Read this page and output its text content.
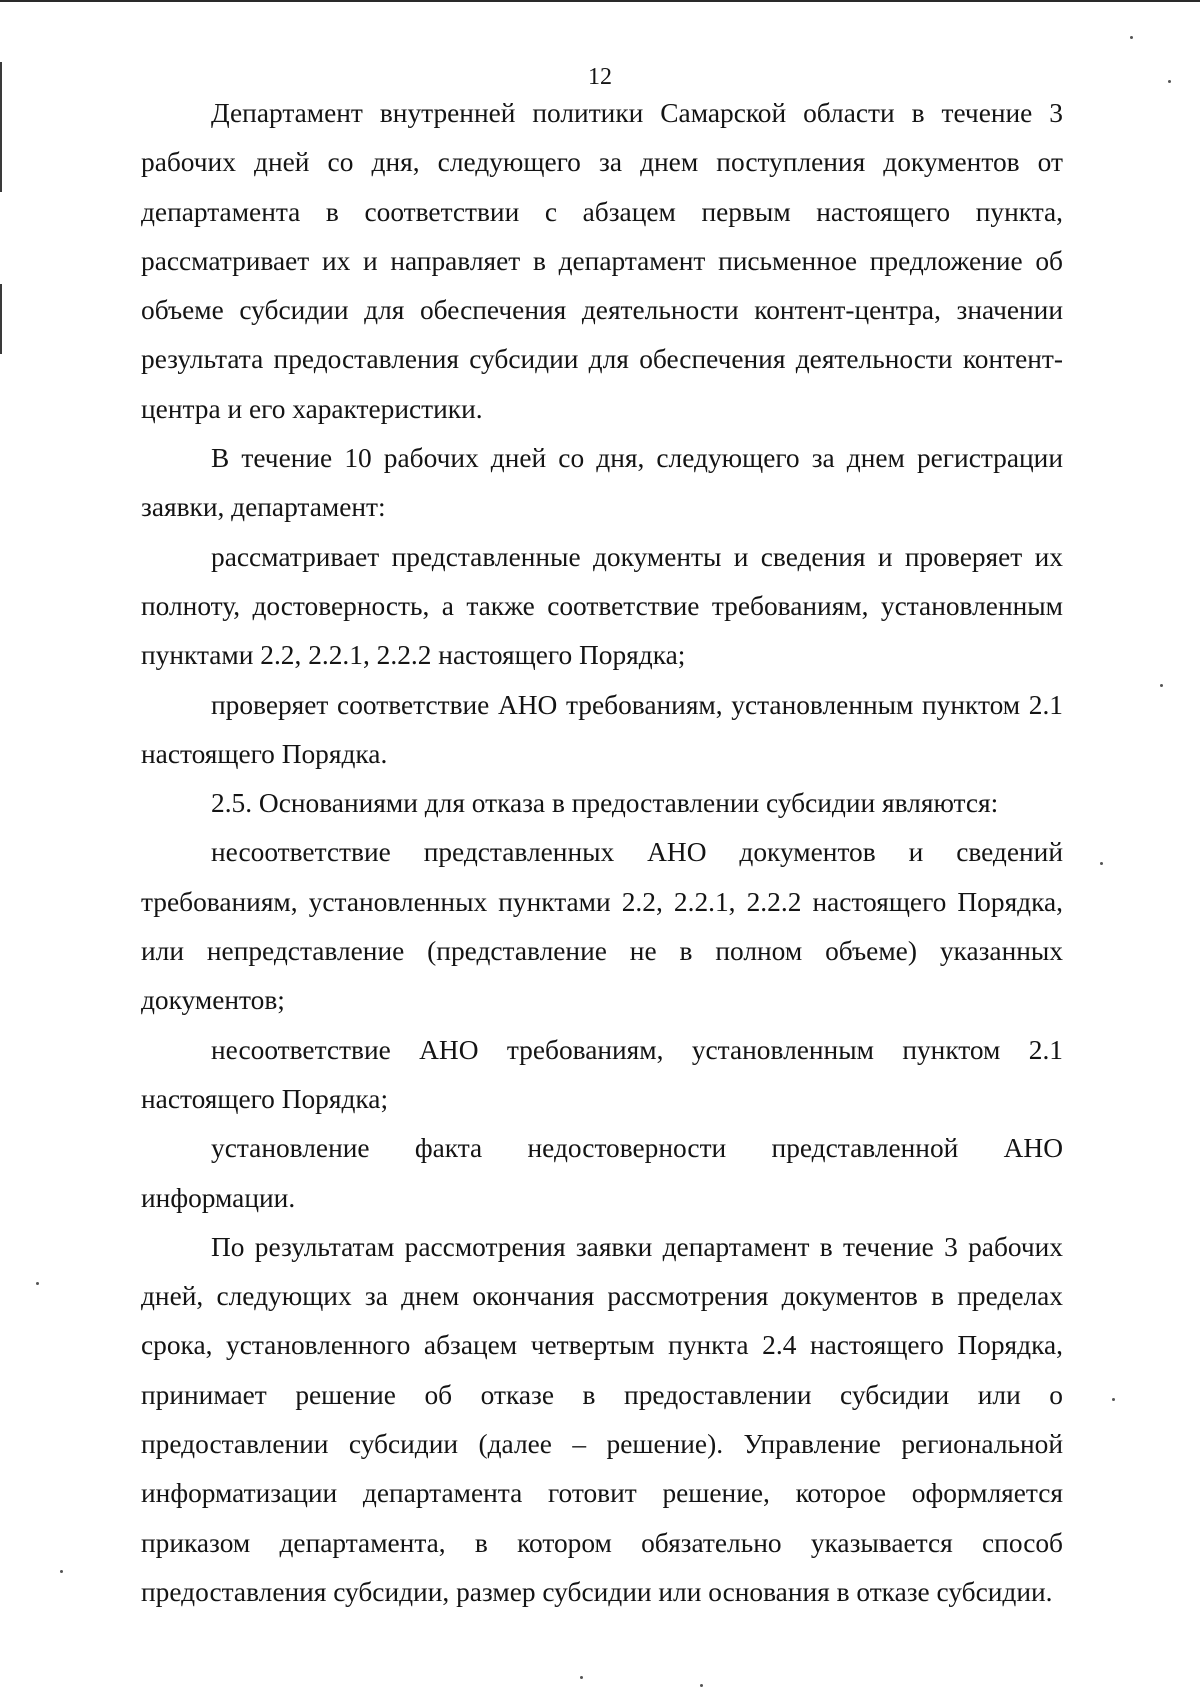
12

Департамент внутренней политики Самарской области в течение 3 рабочих дней со дня, следующего за днем поступления документов от департамента в соответствии с абзацем первым настоящего пункта, рассматривает их и направляет в департамент письменное предложение об объеме субсидии для обеспечения деятельности контент-центра, значении результата предоставления субсидии для обеспечения деятельности контент-центра и его характеристики.

В течение 10 рабочих дней со дня, следующего за днем регистрации заявки, департамент:

рассматривает представленные документы и сведения и проверяет их полноту, достоверность, а также соответствие требованиям, установленным пунктами 2.2, 2.2.1, 2.2.2 настоящего Порядка;

проверяет соответствие АНО требованиям, установленным пунктом 2.1 настоящего Порядка.

2.5. Основаниями для отказа в предоставлении субсидии являются:

несоответствие представленных АНО документов и сведений требованиям, установленных пунктами 2.2, 2.2.1, 2.2.2 настоящего Порядка, или непредставление (представление не в полном объеме) указанных документов;

несоответствие АНО требованиям, установленным пунктом 2.1 настоящего Порядка;

установление факта недостоверности представленной АНО информации.

По результатам рассмотрения заявки департамент в течение 3 рабочих дней, следующих за днем окончания рассмотрения документов в пределах срока, установленного абзацем четвертым пункта 2.4 настоящего Порядка, принимает решение об отказе в предоставлении субсидии или о предоставлении субсидии (далее – решение). Управление региональной информатизации департамента готовит решение, которое оформляется приказом департамента, в котором обязательно указывается способ предоставления субсидии, размер субсидии или основания в отказе субсидии.
